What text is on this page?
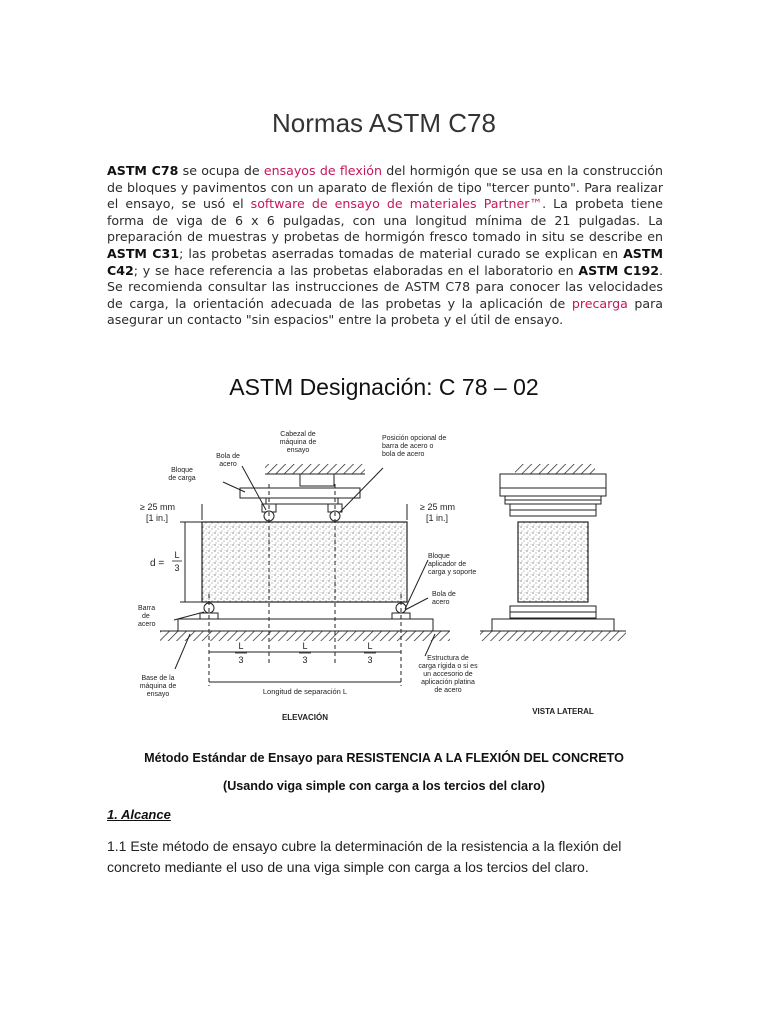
Normas ASTM C78
ASTM C78 se ocupa de ensayos de flexión del hormigón que se usa en la construcción de bloques y pavimentos con un aparato de flexión de tipo "tercer punto". Para realizar el ensayo, se usó el software de ensayo de materiales Partner™. La probeta tiene forma de viga de 6 x 6 pulgadas, con una longitud mínima de 21 pulgadas. La preparación de muestras y probetas de hormigón fresco tomado in situ se describe en ASTM C31; las probetas aserradas tomadas de material curado se explican en ASTM C42; y se hace referencia a las probetas elaboradas en el laboratorio en ASTM C192. Se recomienda consultar las instrucciones de ASTM C78 para conocer las velocidades de carga, la orientación adecuada de las probetas y la aplicación de precarga para asegurar un contacto "sin espacios" entre la probeta y el útil de ensayo.
ASTM Designación: C 78 – 02
Cabezal de máquina de ensayo
Bola de acero
Bloque de carga
Posición opcional de barra de acero o bola de acero
≥ 25 mm [1 in.]
≥ 25 mm [1 in.]
d =
L
3
Bloque aplicador de carga y soporte
Bola de acero
Barra de acero
Base de la máquina de ensayo
L
3
L
3
L
3
Longitud de separación L
Estructura de carga rígida o si es un accesorio de aplicación platina de acero
ELEVACIÓN
VISTA LATERAL
Método Estándar de Ensayo para RESISTENCIA A LA FLEXIÓN DEL CONCRETO
(Usando viga simple con carga a los tercios del claro)
1. Alcance
1.1 Este método de ensayo cubre la determinación de la resistencia a la flexión del concreto mediante el uso de una viga simple con carga a los tercios del claro.
